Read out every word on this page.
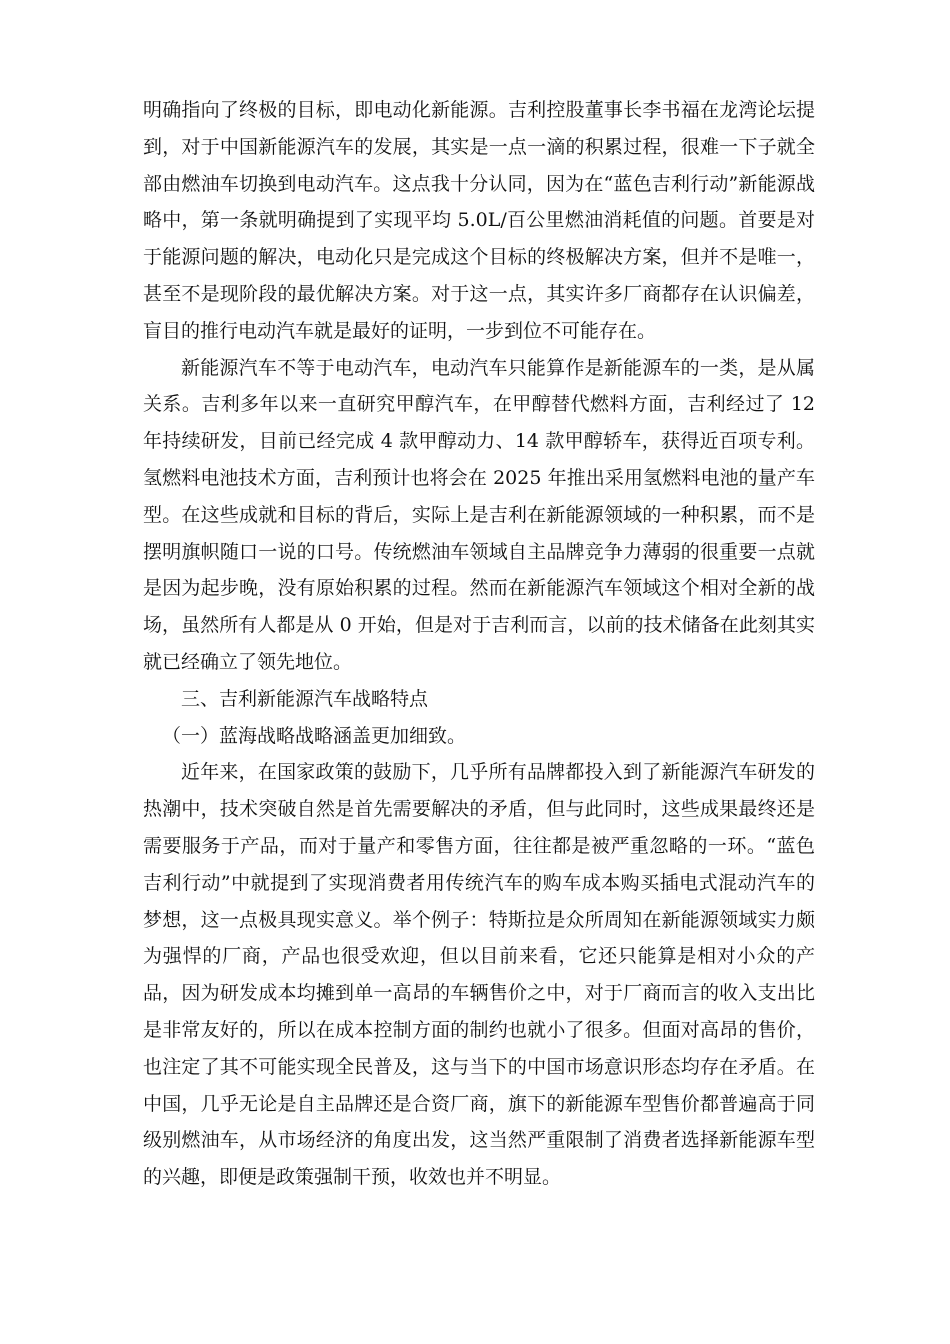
明确指向了终极的目标，即电动化新能源。吉利控股董事长李书福在龙湾论坛提到，对于中国新能源汽车的发展，其实是一点一滴的积累过程，很难一下子就全部由燃油车切换到电动汽车。这点我十分认同，因为在“蓝色吉利行动”新能源战略中，第一条就明确提到了实现平均 5.0L/百公里燃油消耗值的问题。首要是对于能源问题的解决，电动化只是完成这个目标的终极解决方案，但并不是唯一，甚至不是现阶段的最优解决方案。对于这一点，其实许多厂商都存在认识偏差，盲目的推行电动汽车就是最好的证明，一步到位不可能存在。

新能源汽车不等于电动汽车，电动汽车只能算作是新能源车的一类，是从属关系。吉利多年以来一直研究甲醇汽车，在甲醇替代燃料方面，吉利经过了 12 年持续研发，目前已经完成 4 款甲醇动力、14 款甲醇轿车，获得近百项专利。氢燃料电池技术方面，吉利预计也将会在 2025 年推出采用氢燃料电池的量产车型。在这些成就和目标的背后，实际上是吉利在新能源领域的一种积累，而不是摆明旗帜随口一说的口号。传统燃油车领域自主品牌竞争力薄弱的很重要一点就是因为起步晚，没有原始积累的过程。然而在新能源汽车领域这个相对全新的战场，虽然所有人都是从 0 开始，但是对于吉利而言，以前的技术储备在此刻其实就已经确立了领先地位。

三、吉利新能源汽车战略特点

（一）蓝海战略战略涵盖更加细致。

近年来，在国家政策的鼓励下，几乎所有品牌都投入到了新能源汽车研发的热潮中，技术突破自然是首先需要解决的矛盾，但与此同时，这些成果最终还是需要服务于产品，而对于量产和零售方面，往往都是被严重忽略的一环。“蓝色吉利行动”中就提到了实现消费者用传统汽车的购车成本购买插电式混动汽车的梦想，这一点极具现实意义。举个例子：特斯拉是众所周知在新能源领域实力颇为强悍的厂商，产品也很受欢迎，但以目前来看，它还只能算是相对小众的产品，因为研发成本均摊到单一高昂的车辆售价之中，对于厂商而言的收入支出比是非常友好的，所以在成本控制方面的制约也就小了很多。但面对高昂的售价，也注定了其不可能实现全民普及，这与当下的中国市场意识形态均存在矛盾。在中国，几乎无论是自主品牌还是合资厂商，旗下的新能源车型售价都普遍高于同级别燃油车，从市场经济的角度出发，这当然严重限制了消费者选择新能源车型的兴趣，即便是政策强制干预，收效也并不明显。
